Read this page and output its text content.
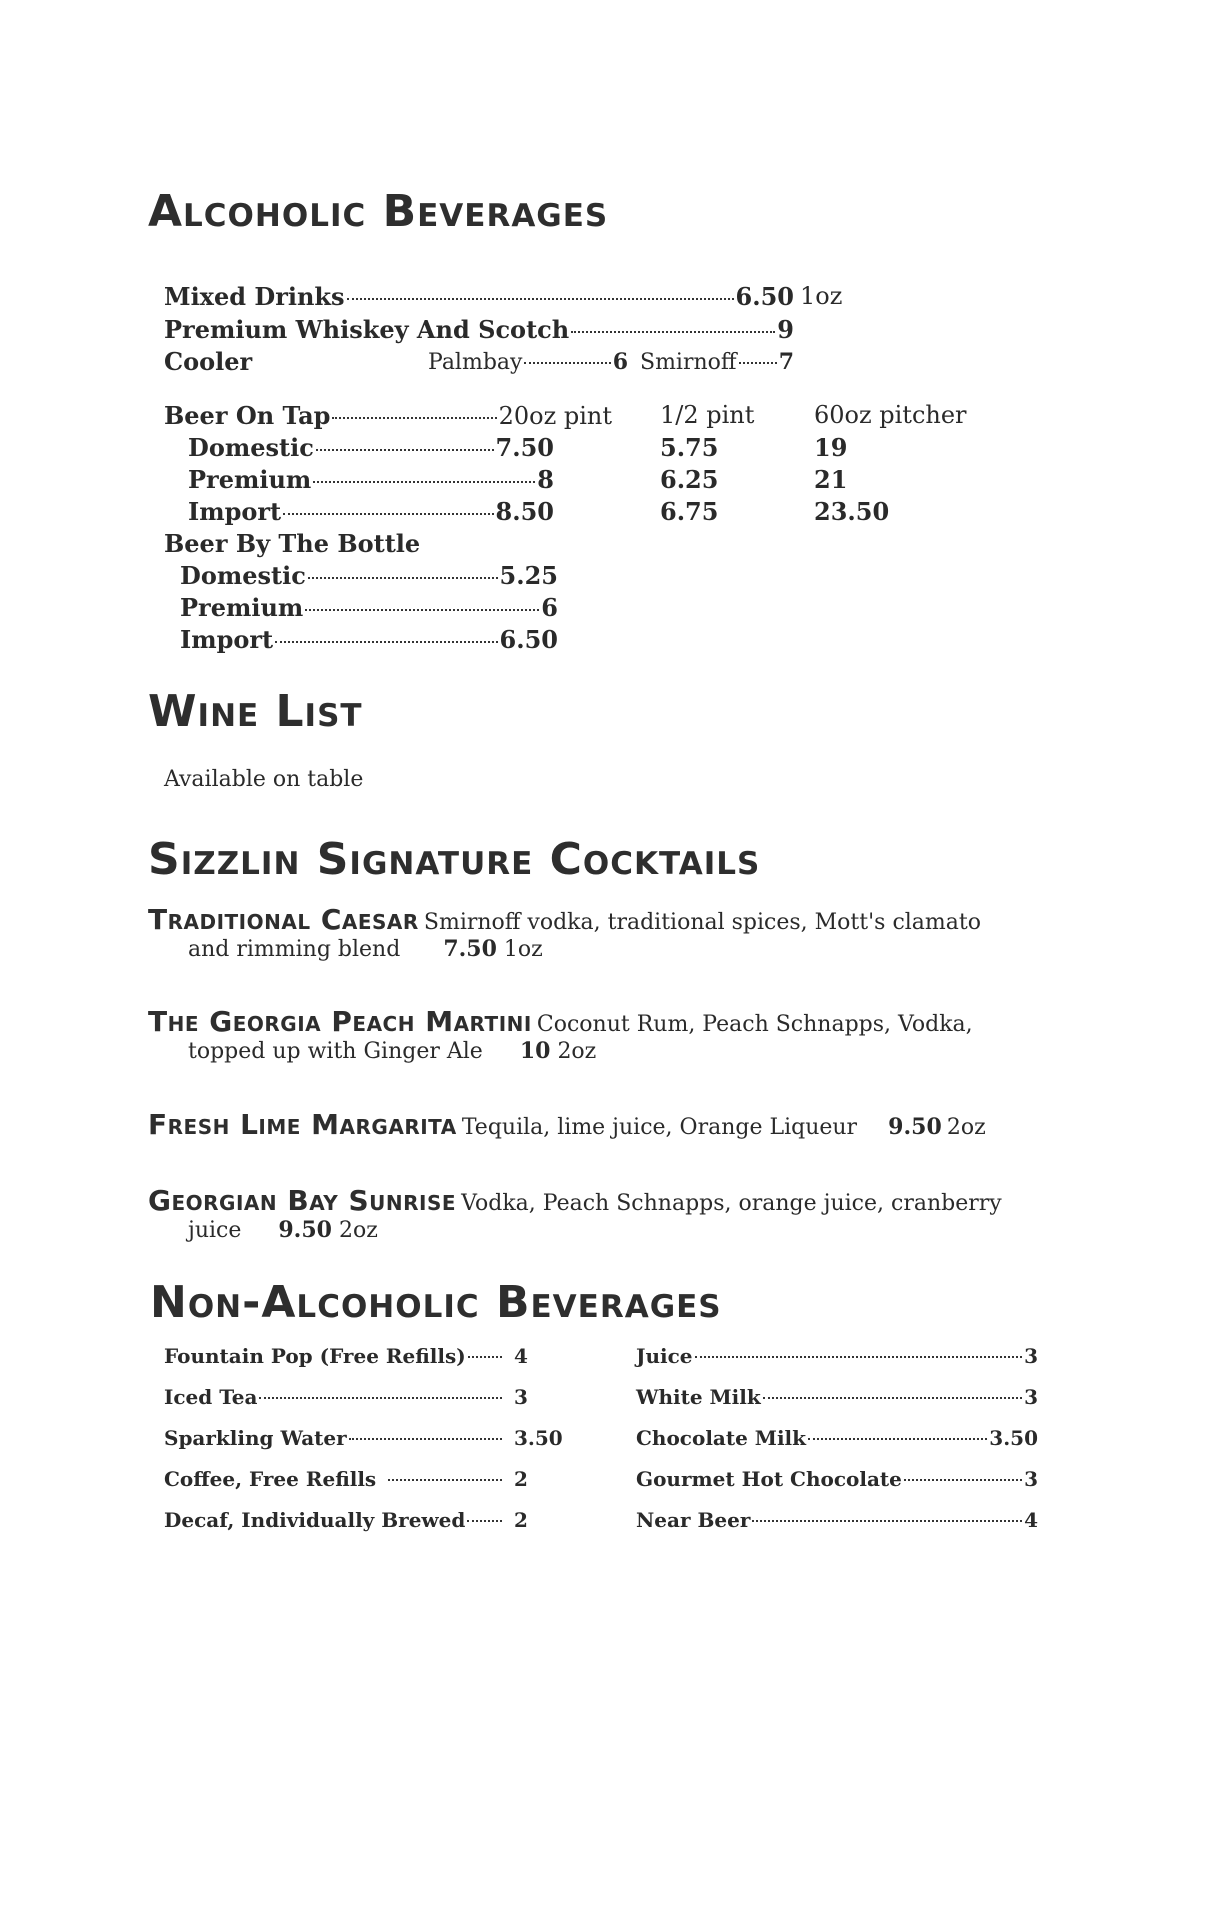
Alcoholic Beverages
Mixed Drinks	6.50 1oz
Premium Whiskey And Scotch	9
Cooler	Palmbay	6 Smirnoff 7
Beer On Tap	20oz pint 1/2 pint 60oz pitcher
Domestic	7.50	5.75	19
Premium	8	6.25	21
Import	8.50	6.75	23.50
Beer By The Bottle
Domestic	5.25
Premium	6
Import	6.50
Wine List
Available on table
Sizzlin Signature Cocktails
Traditional Caesar Smirnoff vodka, traditional spices, Mott's clamato
and rimming blend 7.50 1oz
The Georgia Peach Martini Coconut Rum, Peach Schnapps, Vodka,
topped up with Ginger Ale 10 2oz
Fresh Lime Margarita Tequila, lime juice, Orange Liqueur 9.50 2oz
Georgian Bay Sunrise Vodka, Peach Schnapps, orange juice, cranberry
juice 9.50 2oz
Non-Alcoholic Beverages
Fountain Pop (Free Refills) 4
Iced Tea	3
Sparkling Water	3.50
Coffee, Free Refills	2
Decaf, Individually Brewed 2
Juice	3
White Milk	3
Chocolate Milk	3.50
Gourmet Hot Chocolate	3
Near Beer	4
